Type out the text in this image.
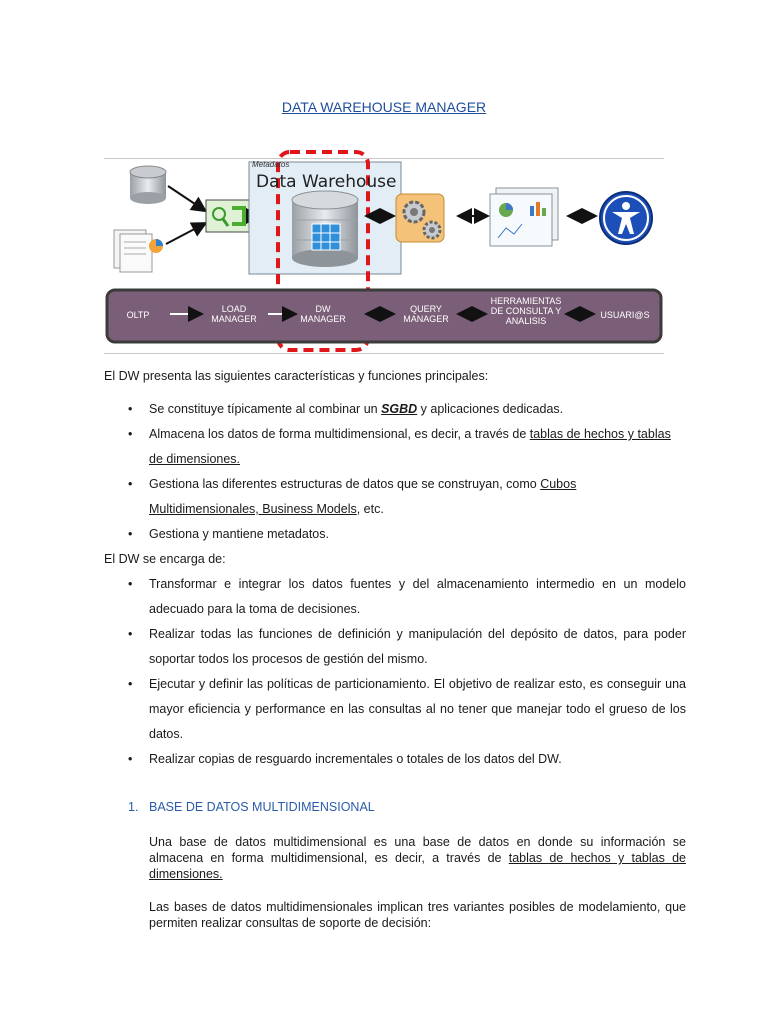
DATA WAREHOUSE MANAGER
Metadatos
Data Warehouse
OLTP
LOAD MANAGER
DW MANAGER
QUERY MANAGER
HERRAMIENTAS DE CONSULTA Y ANALISIS
USUARI@S
El DW presenta las siguientes características y funciones principales:
• Se constituye típicamente al combinar un SGBD y aplicaciones dedicadas.
• Almacena los datos de forma multidimensional, es decir, a través de tablas de hechos y tablas
de dimensiones.
• Gestiona las diferentes estructuras de datos que se construyan, como Cubos
Multidimensionales, Business Models, etc.
• Gestiona y mantiene metadatos.
El DW se encarga de:
• Transformar e integrar los datos fuentes y del almacenamiento intermedio en un modelo adecuado para la toma de decisiones.
• Realizar todas las funciones de definición y manipulación del depósito de datos, para poder soportar todos los procesos de gestión del mismo.
• Ejecutar y definir las políticas de particionamiento. El objetivo de realizar esto, es conseguir una mayor eficiencia y performance en las consultas al no tener que manejar todo el grueso de los datos.
• Realizar copias de resguardo incrementales o totales de los datos del DW.
1. BASE DE DATOS MULTIDIMENSIONAL
Una base de datos multidimensional es una base de datos en donde su información se almacena en forma multidimensional, es decir, a través de tablas de hechos y tablas de dimensiones.
Las bases de datos multidimensionales implican tres variantes posibles de modelamiento, que permiten realizar consultas de soporte de decisión:
